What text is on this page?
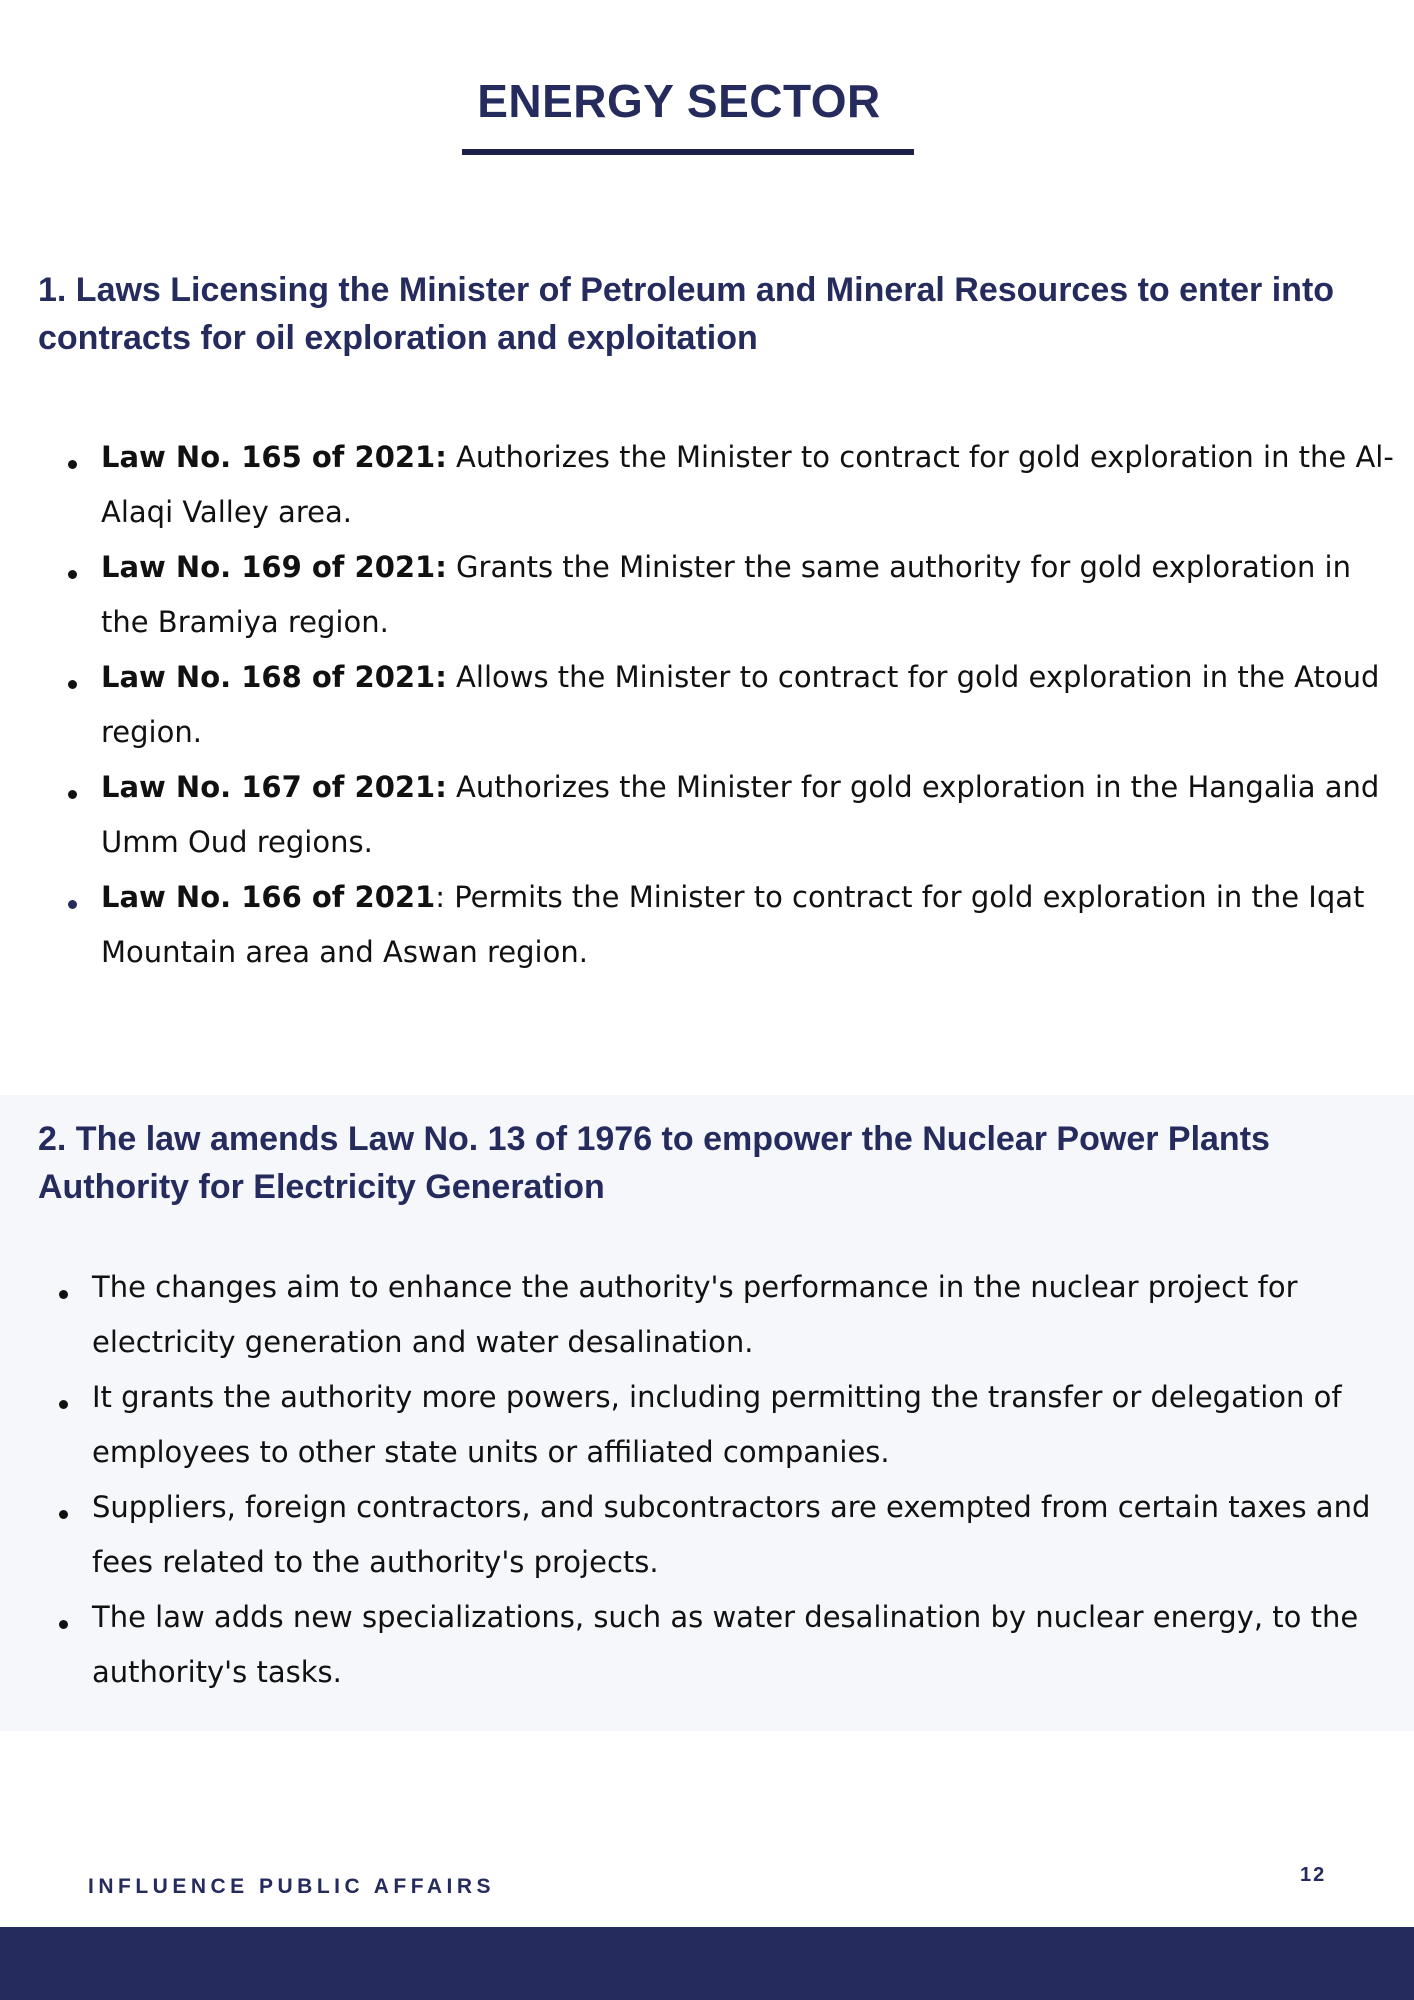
ENERGY SECTOR
1. Laws Licensing the Minister of Petroleum and Mineral Resources to enter into contracts for oil exploration and exploitation
Law No. 165 of 2021: Authorizes the Minister to contract for gold exploration in the Al-Alaqi Valley area.
Law No. 169 of 2021: Grants the Minister the same authority for gold exploration in the Bramiya region.
Law No. 168 of 2021: Allows the Minister to contract for gold exploration in the Atoud region.
Law No. 167 of 2021: Authorizes the Minister for gold exploration in the Hangalia and Umm Oud regions.
Law No. 166 of 2021: Permits the Minister to contract for gold exploration in the Iqat Mountain area and Aswan region.
2. The law amends Law No. 13 of 1976 to empower the Nuclear Power Plants Authority for Electricity Generation
The changes aim to enhance the authority's performance in the nuclear project for electricity generation and water desalination.
It grants the authority more powers, including permitting the transfer or delegation of employees to other state units or affiliated companies.
Suppliers, foreign contractors, and subcontractors are exempted from certain taxes and fees related to the authority's projects.
The law adds new specializations, such as water desalination by nuclear energy, to the authority's tasks.
INFLUENCE PUBLIC AFFAIRS	12
